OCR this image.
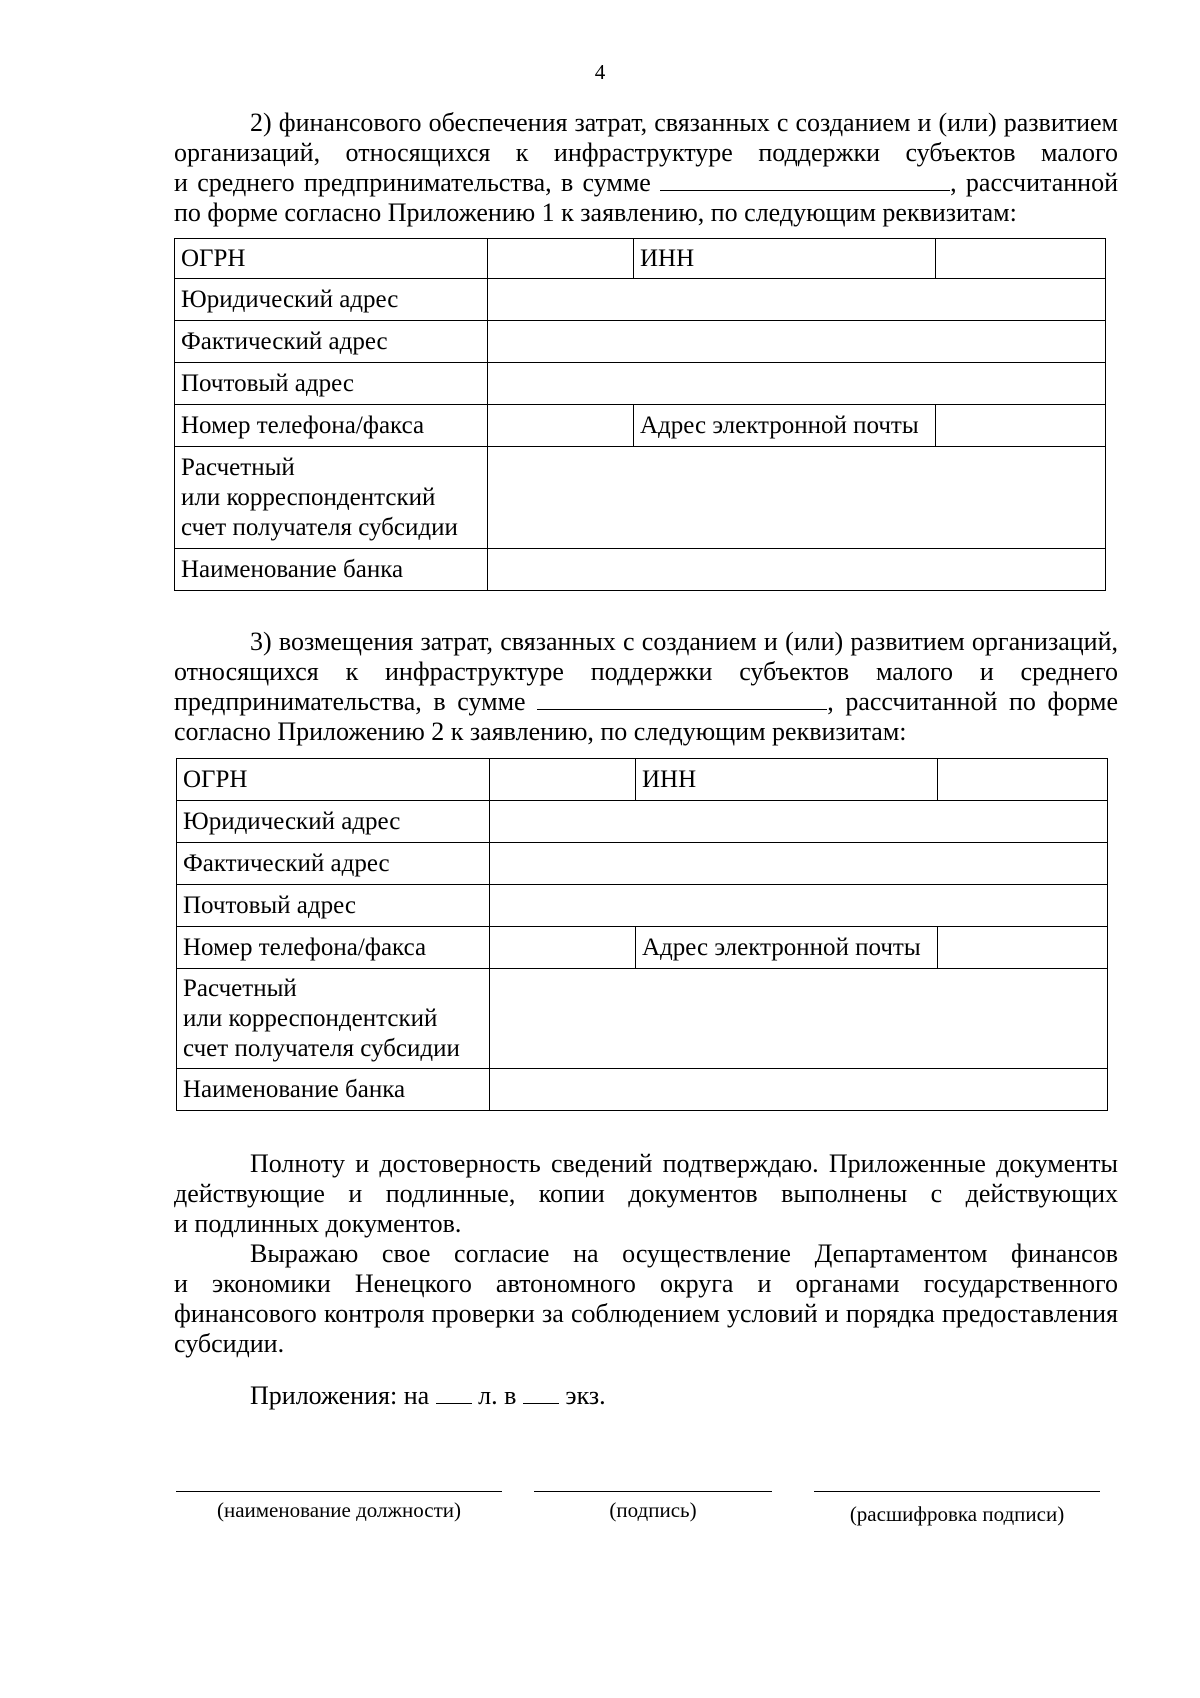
4
2) финансового обеспечения затрат, связанных с созданием и (или) развитием
организаций, относящихся к инфраструктуре поддержки субъектов малого
и среднего предпринимательства, в сумме	, рассчитанной
по форме согласно Приложению 1 к заявлению, по следующим реквизитам:
ОГРН		ИНН	
Юридический адрес			
Фактический адрес			
Почтовый адрес			
Номер телефона/факса		Адрес электронной почты	

Расчетный
или корреспондентский
счет получателя субсидии			

Наименование банка			
3) возмещения затрат, связанных с созданием и (или) развитием организаций,
относящихся к инфраструктуре поддержки субъектов малого и среднего
предпринимательства, в сумме	, рассчитанной по форме
согласно Приложению 2 к заявлению, по следующим реквизитам:
ОГРН		ИНН	
Юридический адрес			
Фактический адрес			
Почтовый адрес			
Номер телефона/факса		Адрес электронной почты	

Расчетный
или корреспондентский
счет получателя субсидии			

Наименование банка			
Полноту и достоверность сведений подтверждаю. Приложенные документы
действующие и подлинные, копии документов выполнены с действующих
и подлинных документов.
Выражаю свое согласие на осуществление Департаментом финансов
и экономики Ненецкого автономного округа и органами государственного
финансового контроля проверки за соблюдением условий и порядка предоставления
субсидии.
Приложения: на л. в экз.
(наименование должности)	(подпись)	(расшифровка подписи)
